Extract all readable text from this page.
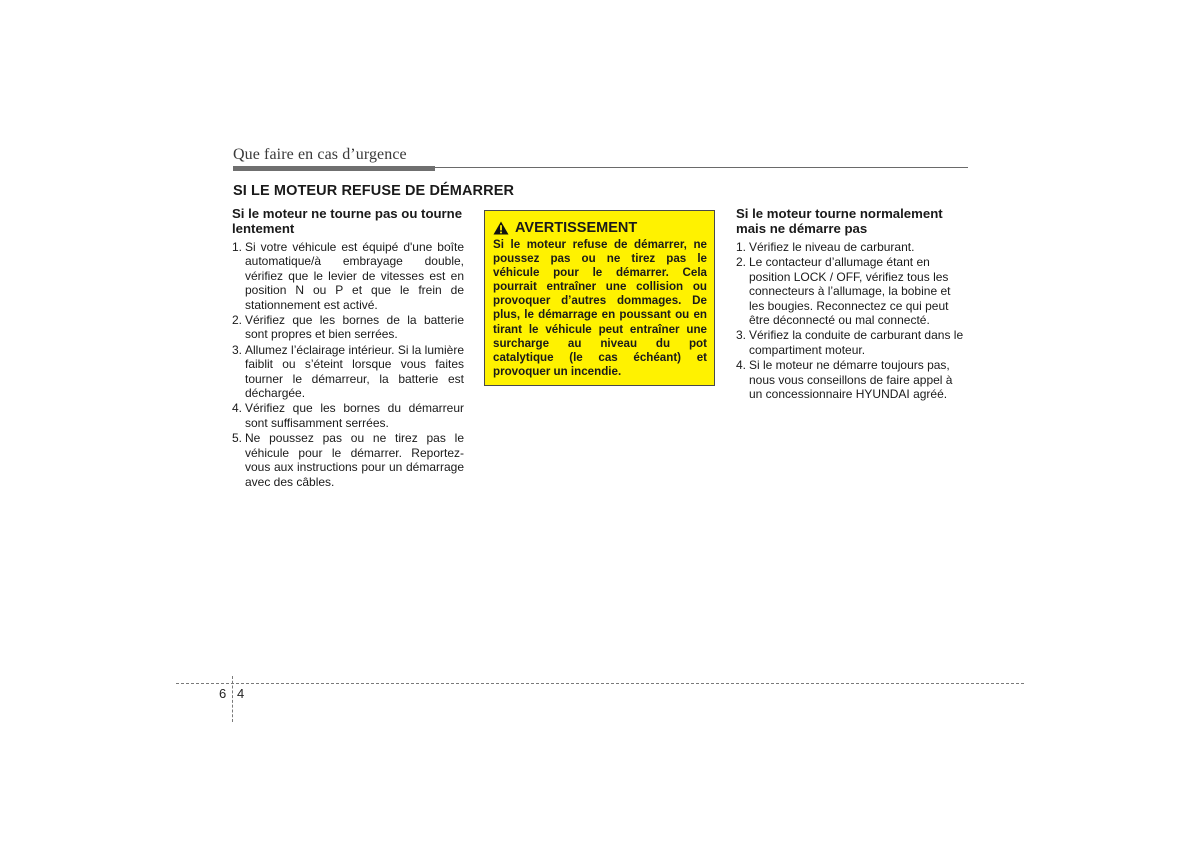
Que faire en cas d’urgence
SI LE MOTEUR REFUSE DE DÉMARRER
Si le moteur ne tourne pas ou tourne lentement
1. Si votre véhicule est équipé d'une boîte automatique/à embrayage double, vérifiez que le levier de vitesses est en position N ou P et que le frein de stationnement est activé.
2. Vérifiez que les bornes de la batterie sont propres et bien serrées.
3. Allumez l’éclairage intérieur. Si la lumière faiblit ou s’éteint lorsque vous faites tourner le démarreur, la batterie est déchargée.
4. Vérifiez que les bornes du démarreur sont suffisamment serrées.
5. Ne poussez pas ou ne tirez pas le véhicule pour le démarrer. Reportez-vous aux instructions pour un démarrage avec des câbles.
AVERTISSEMENT
Si le moteur refuse de démarrer, ne poussez pas ou ne tirez pas le véhicule pour le démarrer. Cela pourrait entraîner une collision ou provoquer d’autres dommages. De plus, le démarrage en poussant ou en tirant le véhicule peut entraîner une surcharge au niveau du pot catalytique (le cas échéant) et provoquer un incendie.
Si le moteur tourne normalement mais ne démarre pas
1. Vérifiez le niveau de carburant.
2. Le contacteur d’allumage étant en position LOCK / OFF, vérifiez tous les connecteurs à l’allumage, la bobine et les bougies. Reconnectez ce qui peut être déconnecté ou mal connecté.
3. Vérifiez la conduite de carburant dans le compartiment moteur.
4. Si le moteur ne démarre toujours pas, nous vous conseillons de faire appel à un concessionnaire HYUNDAI agréé.
6 4
